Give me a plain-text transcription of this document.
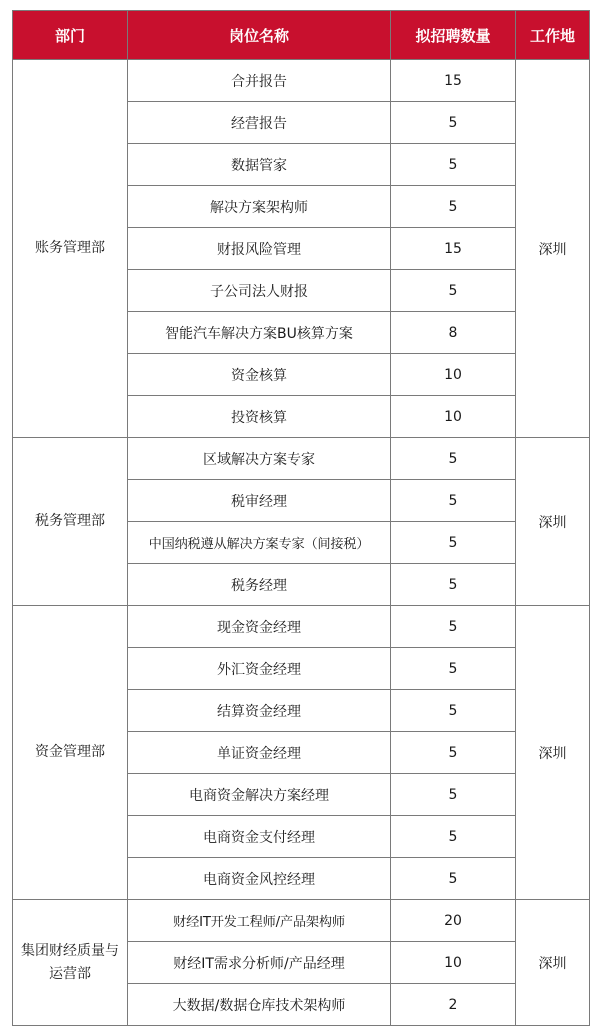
部门	岗位名称	拟招聘数量	工作地
账务管理部	合并报告	15	深圳
	经营报告	5	
	数据管家	5	
	解决方案架构师	5	
	财报风险管理	15	
	子公司法人财报	5	
	智能汽车解决方案BU核算方案	8	
	资金核算	10	
	投资核算	10	
税务管理部	区域解决方案专家	5	深圳
	税审经理	5	
	中国纳税遵从解决方案专家（间接税）	5	
	税务经理	5	
资金管理部	现金资金经理	5	深圳
	外汇资金经理	5	
	结算资金经理	5	
	单证资金经理	5	
	电商资金解决方案经理	5	
	电商资金支付经理	5	
	电商资金风控经理	5	
集团财经质量与运营部	财经IT开发工程师/产品架构师	20	深圳
	财经IT需求分析师/产品经理	10	
	大数据/数据仓库技术架构师	2	
